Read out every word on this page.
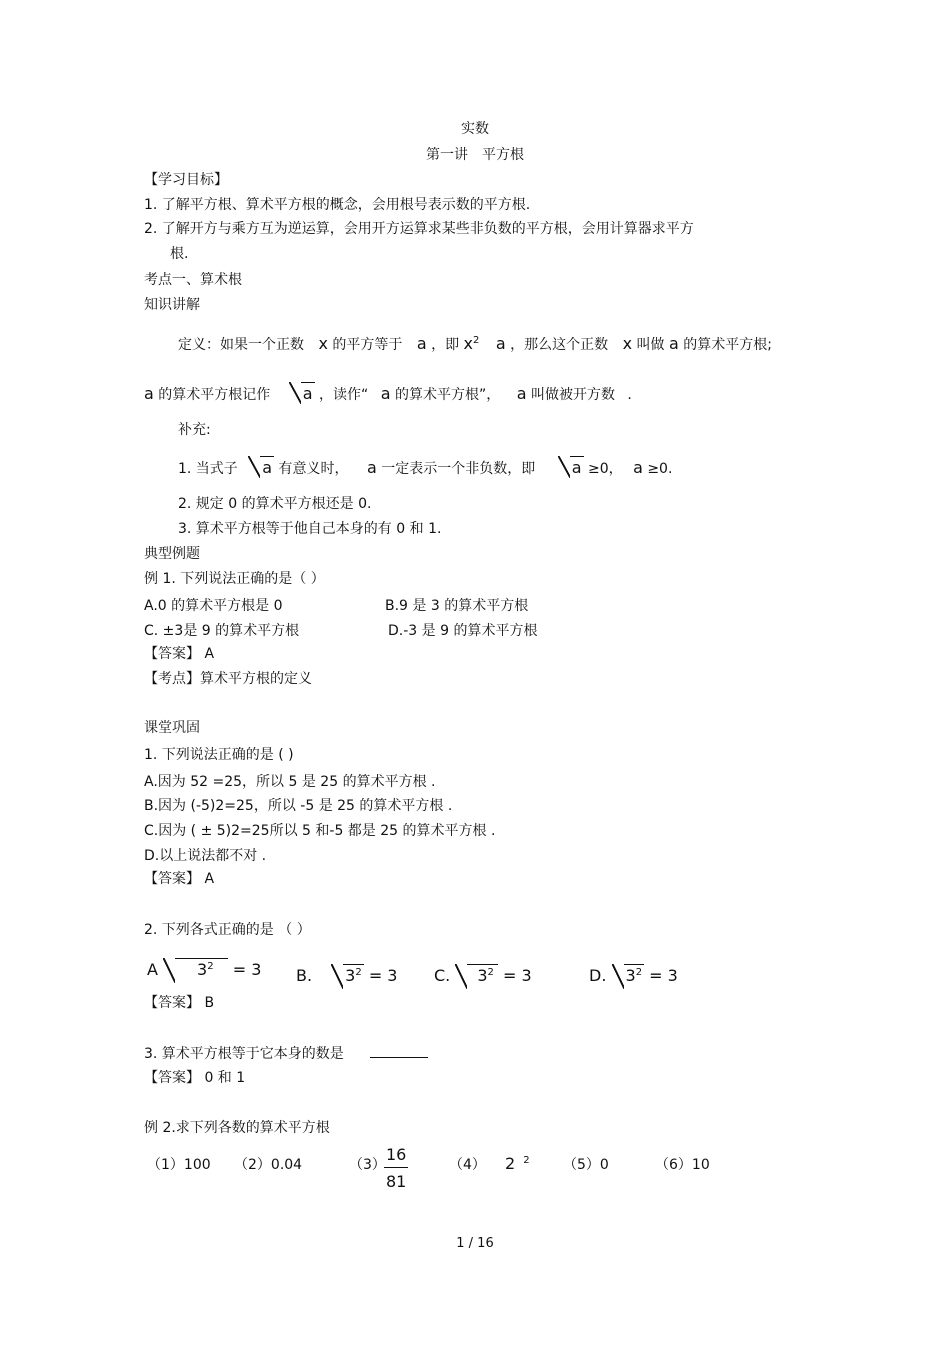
实数
第一讲　平方根
【学习目标】
1. 了解平方根、算术平方根的概念，会用根号表示数的平方根.
2. 了解开方与乘方互为逆运算，会用开方运算求某些非负数的平方根，会用计算器求平方
根.
考点一、算术根
知识讲解
定义：如果一个正数 x 的平方等于 a ，即 $x^2$ a ，那么这个正数 x 叫做 a 的算术平方根;
a 的算术平方根记作 a ，读作“ a 的算术平方根”， a 叫做被开方数 .
补充:
1. 当式子 a 有意义时， a 一定表示一个非负数，即 a ≥0， a ≥0.
2. 规定 0 的算术平方根还是 0.
3. 算术平方根等于他自己本身的有 0 和 1.
典型例题
例 1. 下列说法正确的是（ ）
A.0 的算术平方根是 0	B.9 是 3 的算术平方根
C. ±3是 9 的算术平方根	D.-3 是 9 的算术平方根
【答案】 A
【考点】算术平方根的定义
课堂巩固
1. 下列说法正确的是 ( )
A.因为 52 =25，所以 5 是 25 的算术平方根 .
B.因为 (-5)2=25，所以 -5 是 25 的算术平方根 .
C.因为 ( ± 5)2=25所以 5 和-5 都是 25 的算术平方根 .
D.以上说法都不对 .
【答案】 A
2. 下列各式正确的是 （ ）
A $3^2 = 3$ B. $3^2 = 3$ C. $3^2 = 3$	D. $3^2 = 3$
【答案】 B
3. 算术平方根等于它本身的数是
【答案】 0 和 1
例 2.求下列各数的算术平方根
（1）100 （2）0.04	（3）
$\frac{16}{81}$	（4） 2 $^2$ （5）0	（6）10
1 / 16
